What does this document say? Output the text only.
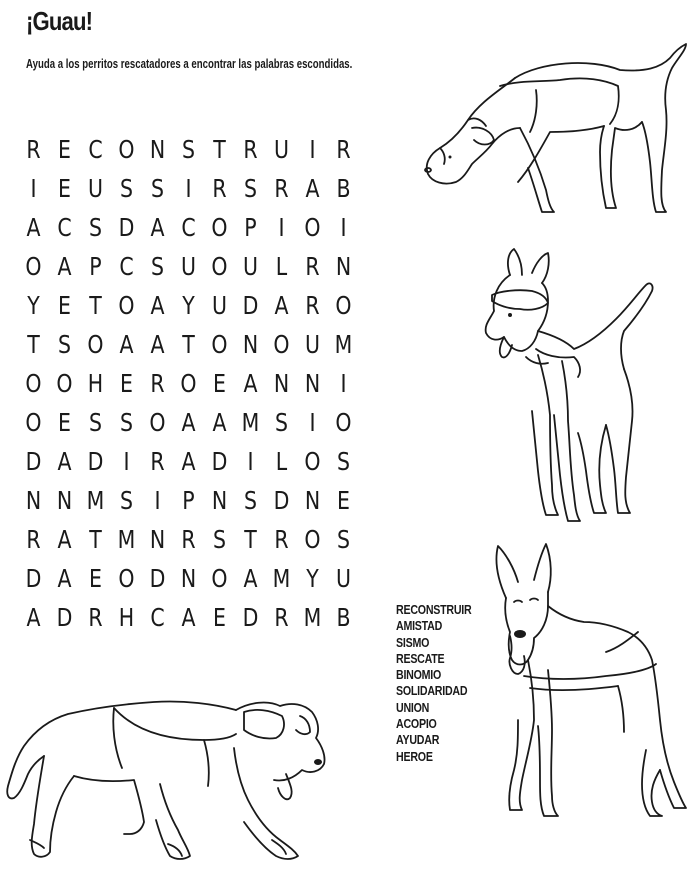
¡Guau!
Ayuda a los perritos rescatadores a encontrar las palabras escondidas.
R E C O N S T R U I R
I E U S S I R S R A B
A C S D A C O P I O I
O A P C S U O U L R N
Y E T O A Y U D A R O
T S O A A T O N O U M
O O H E R O E A N N I
O E S S O A A M S I O
D A D I R A D I L O S
N N M S I P N S D N E
R A T M N R S T R O S
D A E O D N O A M Y U
A D R H C A E D R M B	RECONSTRUIR
AMISTAD
SISMO
RESCATE
BINOMIO
SOLIDARIDAD
UNION
ACOPIO
AYUDAR
HEROE
